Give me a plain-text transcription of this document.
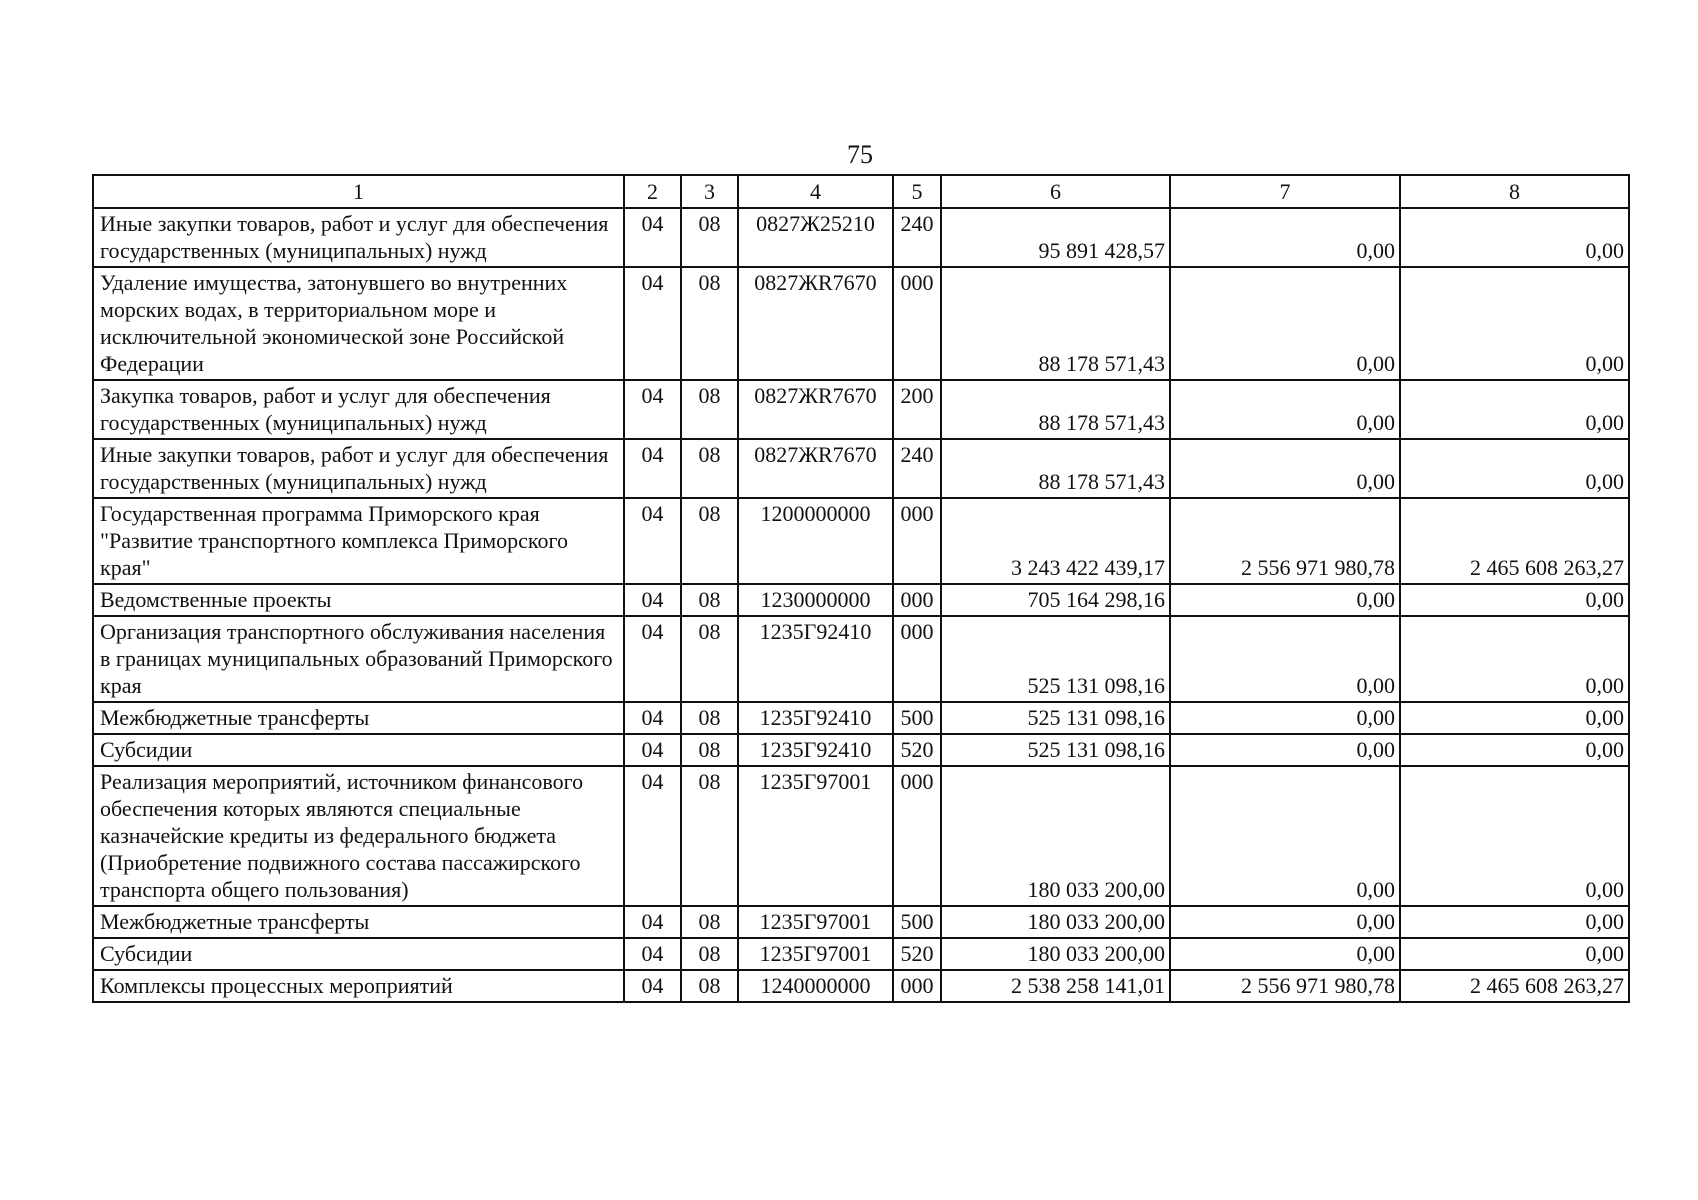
75
1	2	3	4	5	6	7	8
Иные закупки товаров, работ и услуг для обеспечения государственных (муниципальных) нужд	04	08	0827Ж25210	240	95 891 428,57	0,00	0,00
Удаление имущества, затонувшего во внутренних морских водах, в территориальном море и исключительной экономической зоне Российской Федерации	04	08	0827ЖR7670	000	88 178 571,43	0,00	0,00
Закупка товаров, работ и услуг для обеспечения государственных (муниципальных) нужд	04	08	0827ЖR7670	200	88 178 571,43	0,00	0,00
Иные закупки товаров, работ и услуг для обеспечения государственных (муниципальных) нужд	04	08	0827ЖR7670	240	88 178 571,43	0,00	0,00
Государственная программа Приморского края "Развитие транспортного комплекса Приморского края"	04	08	1200000000	000	3 243 422 439,17	2 556 971 980,78	2 465 608 263,27
Ведомственные проекты	04	08	1230000000	000	705 164 298,16	0,00	0,00
Организация транспортного обслуживания населения в границах муниципальных образований Приморского края	04	08	1235Г92410	000	525 131 098,16	0,00	0,00
Межбюджетные трансферты	04	08	1235Г92410	500	525 131 098,16	0,00	0,00
Субсидии	04	08	1235Г92410	520	525 131 098,16	0,00	0,00
Реализация мероприятий, источником финансового обеспечения которых являются специальные казначейские кредиты из федерального бюджета (Приобретение подвижного состава пассажирского транспорта общего пользования)	04	08	1235Г97001	000	180 033 200,00	0,00	0,00
Межбюджетные трансферты	04	08	1235Г97001	500	180 033 200,00	0,00	0,00
Субсидии	04	08	1235Г97001	520	180 033 200,00	0,00	0,00
Комплексы процессных мероприятий	04	08	1240000000	000	2 538 258 141,01	2 556 971 980,78	2 465 608 263,27
